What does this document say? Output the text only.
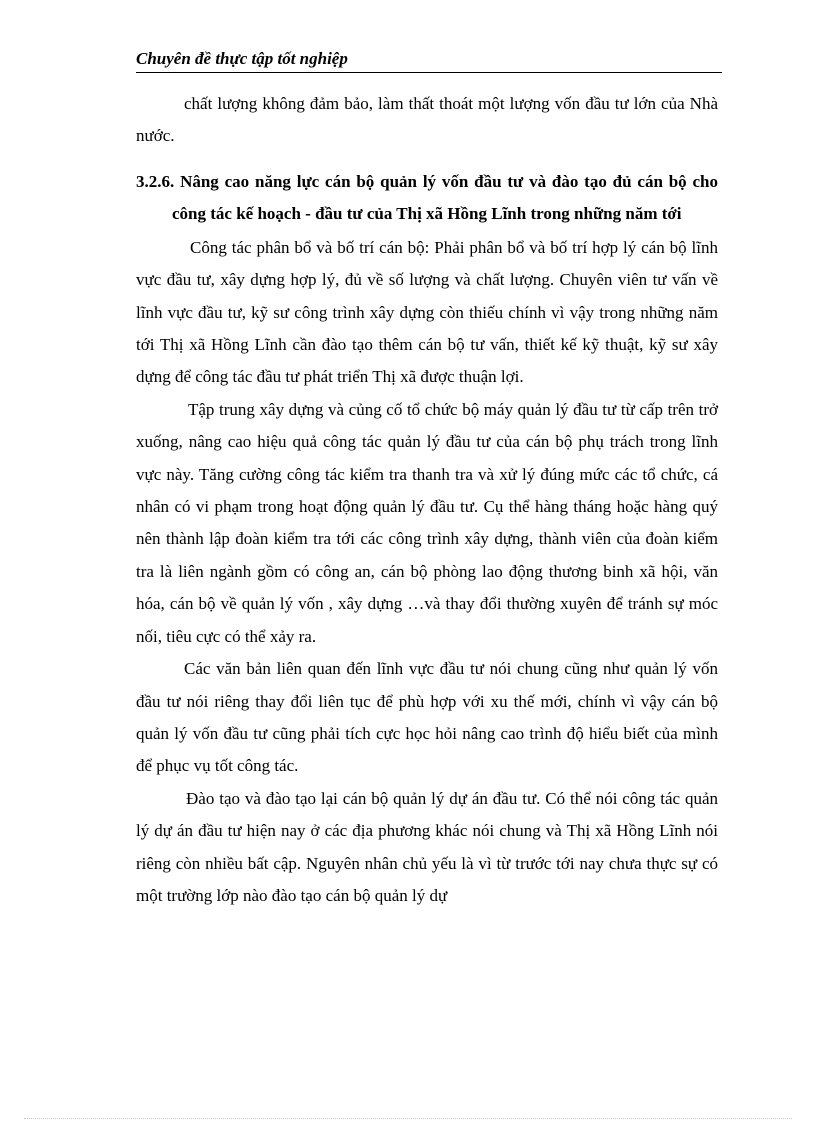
Chuyên đề thực tập tốt nghiệp

chất lượng không đảm bảo, làm thất thoát một lượng vốn đầu tư lớn của Nhà nước.

3.2.6. Nâng cao năng lực cán bộ quản lý vốn đầu tư và đào tạo đủ cán bộ cho công tác kế hoạch - đầu tư của Thị xã Hồng Lĩnh trong những năm tới

Công tác phân bổ và bố trí cán bộ: Phải phân bổ và bố trí hợp lý cán bộ lĩnh vực đầu tư, xây dựng hợp lý, đủ về số lượng và chất lượng. Chuyên viên tư vấn về lĩnh vực đầu tư, kỹ sư công trình xây dựng còn thiếu chính vì vậy trong những năm tới Thị xã Hồng Lĩnh cần đào tạo thêm cán bộ tư vấn, thiết kế kỹ thuật, kỹ sư xây dựng để công tác đầu tư phát triển Thị xã được thuận lợi.

Tập trung xây dựng và củng cố tổ chức bộ máy quản lý đầu tư từ cấp trên trở xuống, nâng cao hiệu quả công tác quản lý đầu tư của cán bộ phụ trách trong lĩnh vực này. Tăng cường công tác kiểm tra thanh tra và xử lý đúng mức các tổ chức, cá nhân có vi phạm trong hoạt động quản lý đầu tư. Cụ thể hàng tháng hoặc hàng quý nên thành lập đoàn kiểm tra tới các công trình xây dựng, thành viên của đoàn kiểm tra là liên ngành gồm có công an, cán bộ phòng lao động thương binh xã hội, văn hóa, cán bộ về quản lý vốn , xây dựng …và thay đổi thường xuyên để tránh sự móc nối, tiêu cực có thể xảy ra.

Các văn bản liên quan đến lĩnh vực đầu tư nói chung cũng như quản lý vốn đầu tư nói riêng thay đổi liên tục để phù hợp với xu thế mới, chính vì vậy cán bộ quản lý vốn đầu tư cũng phải tích cực học hỏi nâng cao trình độ hiểu biết của mình để phục vụ tốt công tác.

Đào tạo và đào tạo lại cán bộ quản lý dự án đầu tư. Có thể nói công tác quản lý dự án đầu tư hiện nay ở các địa phương khác nói chung và Thị xã Hồng Lĩnh nói riêng còn nhiều bất cập. Nguyên nhân chủ yếu là vì từ trước tới nay chưa thực sự có một trường lớp nào đào tạo cán bộ quản lý dự
